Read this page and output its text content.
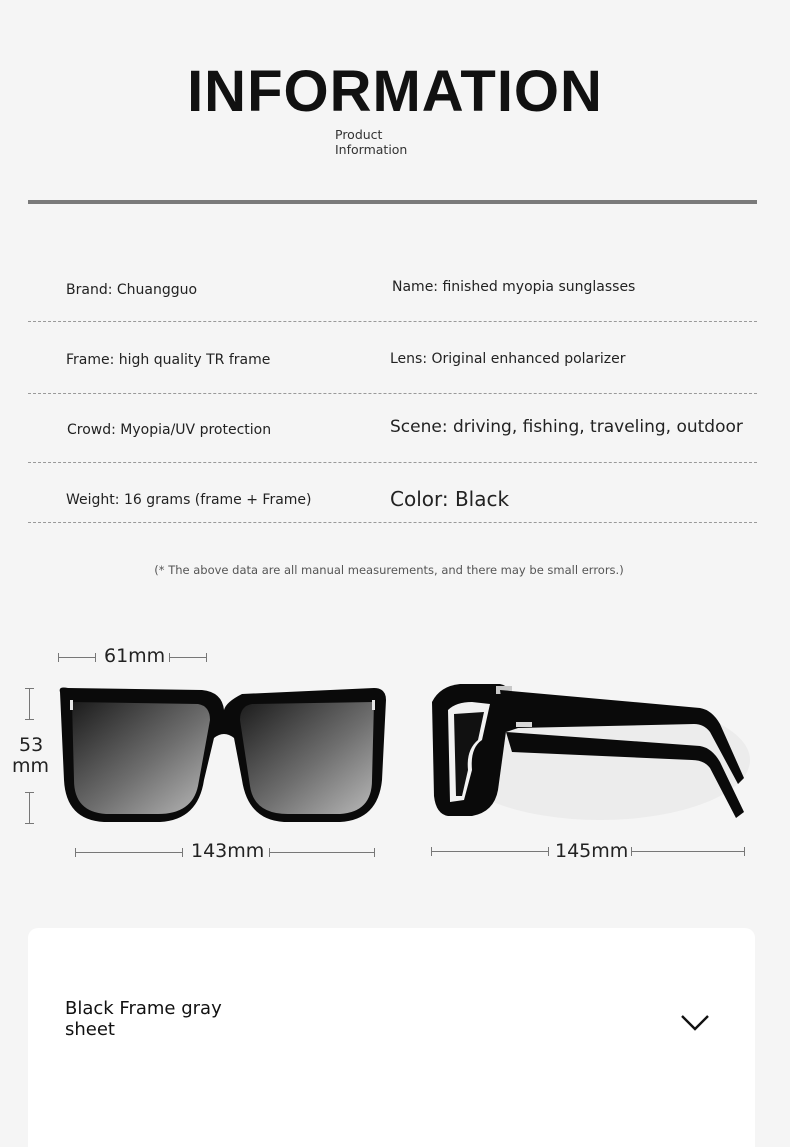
INFORMATION
Product
Information
Brand: Chuangguo	Name: finished myopia sunglasses
Frame: high quality TR frame	Lens: Original enhanced polarizer
Crowd: Myopia/UV protection	Scene: driving, fishing, traveling, outdoor
Weight: 16 grams (frame + Frame)	Color: Black
(* The above data are all manual measurements, and there may be small errors.)
61mm
53
mm
143mm	145mm
Black Frame gray sheet
